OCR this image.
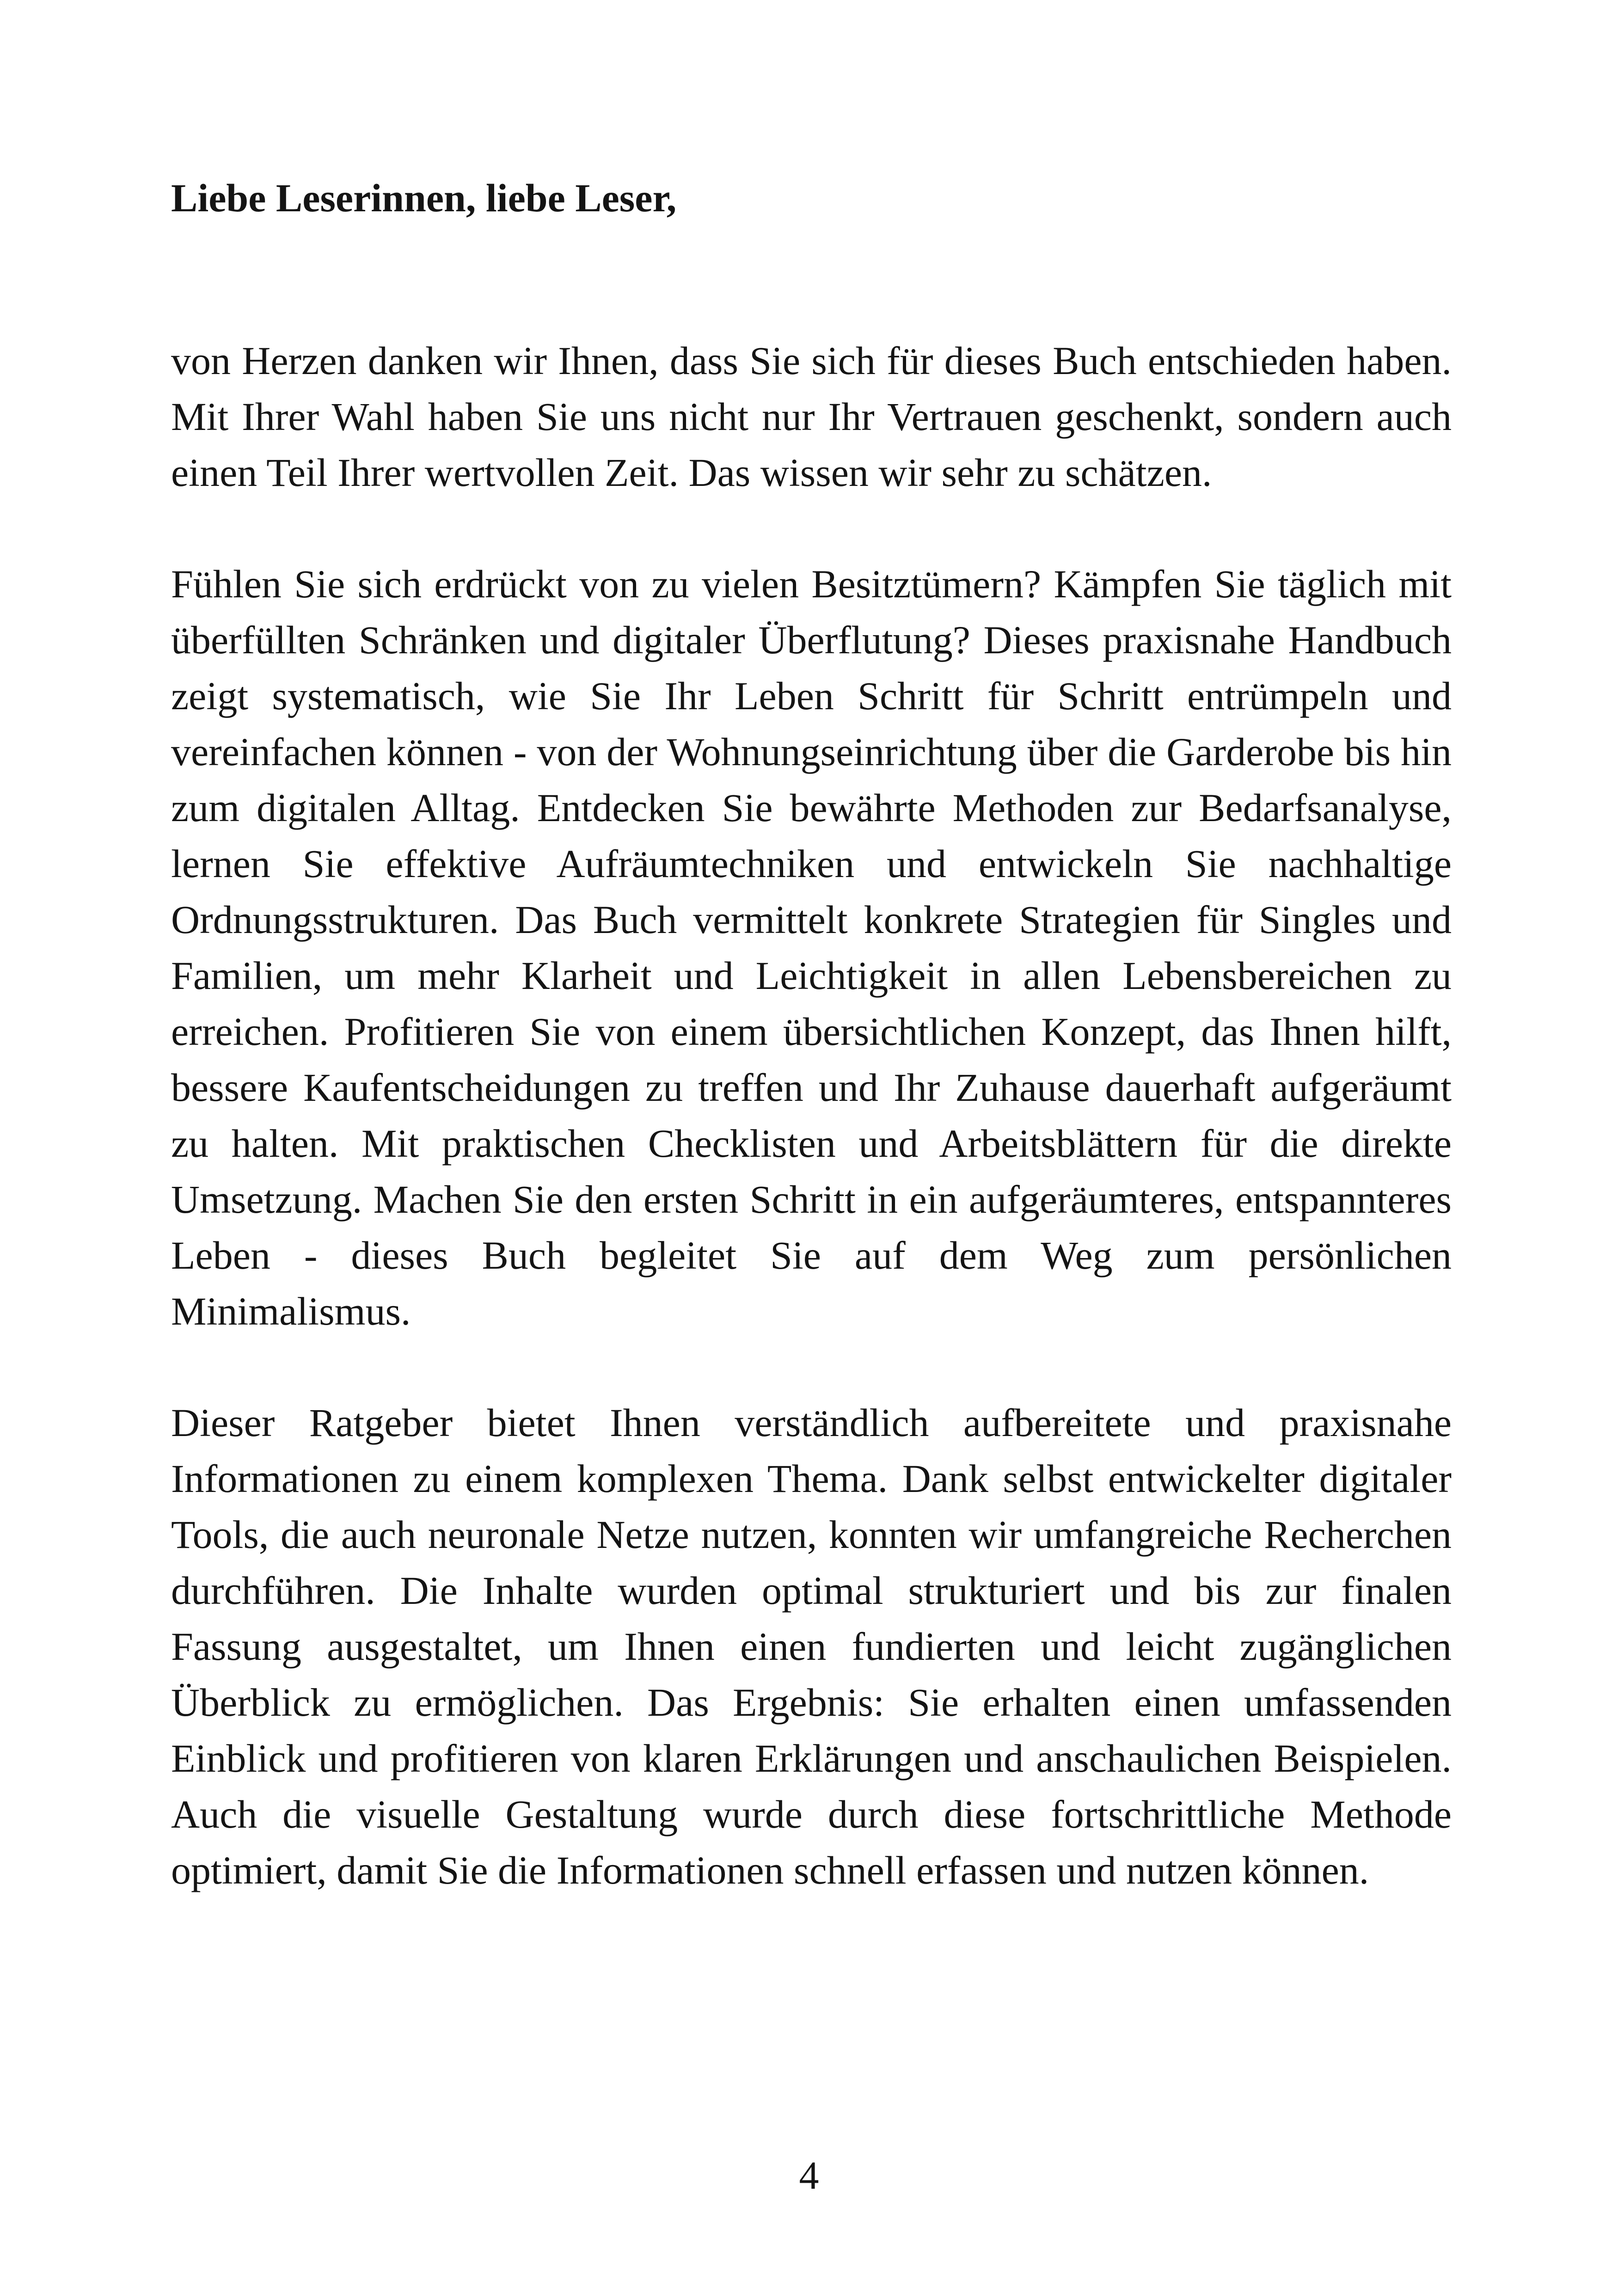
Liebe Leserinnen, liebe Leser,

von Herzen danken wir Ihnen, dass Sie sich für dieses Buch entschieden haben. Mit Ihrer Wahl haben Sie uns nicht nur Ihr Vertrauen geschenkt, sondern auch einen Teil Ihrer wertvollen Zeit. Das wissen wir sehr zu schätzen.

Fühlen Sie sich erdrückt von zu vielen Besitztümern? Kämpfen Sie täglich mit überfüllten Schränken und digitaler Überflutung? Dieses praxisnahe Handbuch zeigt systematisch, wie Sie Ihr Leben Schritt für Schritt entrümpeln und vereinfachen können - von der Wohnungseinrichtung über die Garderobe bis hin zum digitalen Alltag. Entdecken Sie bewährte Methoden zur Bedarfsanalyse, lernen Sie effektive Aufräumtechniken und entwickeln Sie nachhaltige Ordnungsstrukturen. Das Buch vermittelt konkrete Strategien für Singles und Familien, um mehr Klarheit und Leichtigkeit in allen Lebensbereichen zu erreichen. Profitieren Sie von einem übersichtlichen Konzept, das Ihnen hilft, bessere Kaufentscheidungen zu treffen und Ihr Zuhause dauerhaft aufgeräumt zu halten. Mit praktischen Checklisten und Arbeitsblättern für die direkte Umsetzung. Machen Sie den ersten Schritt in ein aufgeräumteres, entspannteres Leben - dieses Buch begleitet Sie auf dem Weg zum persönlichen Minimalismus.

Dieser Ratgeber bietet Ihnen verständlich aufbereitete und praxisnahe Informationen zu einem komplexen Thema. Dank selbst entwickelter digitaler Tools, die auch neuronale Netze nutzen, konnten wir umfangreiche Recherchen durchführen. Die Inhalte wurden optimal strukturiert und bis zur finalen Fassung ausgestaltet, um Ihnen einen fundierten und leicht zugänglichen Überblick zu ermöglichen. Das Ergebnis: Sie erhalten einen umfassenden Einblick und profitieren von klaren Erklärungen und anschaulichen Beispielen. Auch die visuelle Gestaltung wurde durch diese fortschrittliche Methode optimiert, damit Sie die Informationen schnell erfassen und nutzen können.

4
